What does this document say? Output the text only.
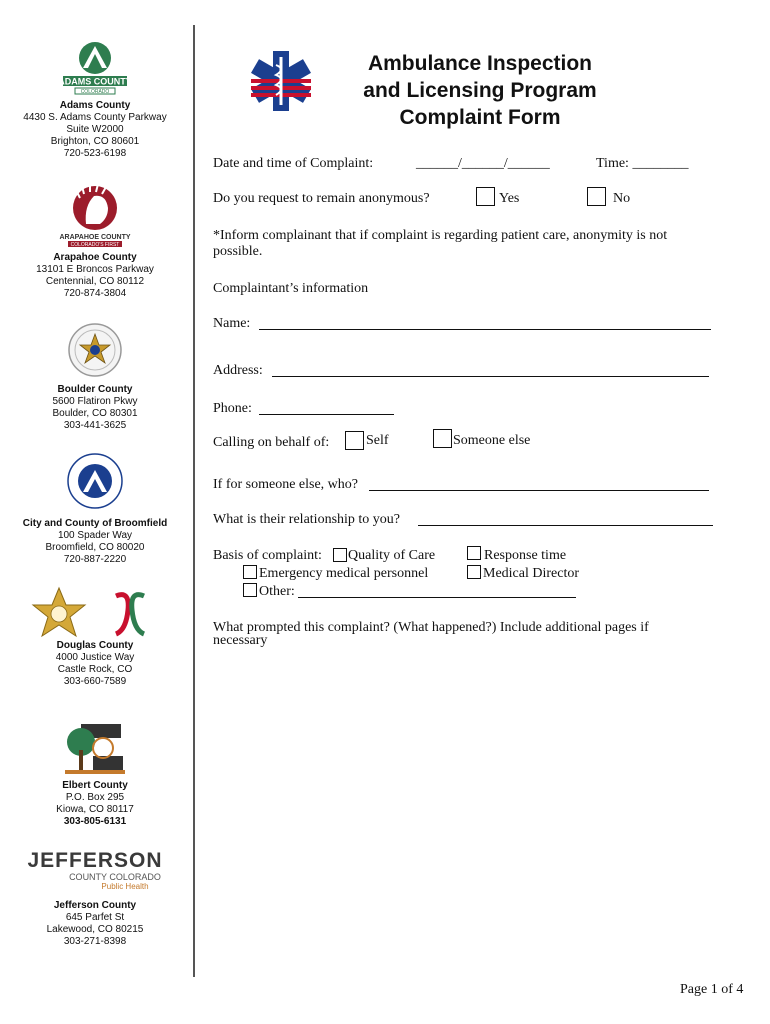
ADAMS COUNTY
COLORADO
Adams County
4430 S. Adams County Parkway
Suite W2000
Brighton, CO 80601
720-523-6198
ARAPAHOE COUNTY
COLORADO'S FIRST
Arapahoe County
13101 E Broncos Parkway
Centennial, CO 80112
720-874-3804
Boulder County
5600 Flatiron Pkwy
Boulder, CO 80301
303-441-3625
City and County of Broomfield
100 Spader Way
Broomfield, CO 80020
720-887-2220
Douglas County
4000 Justice Way
Castle Rock, CO
303-660-7589
Elbert County
P.O. Box 295
Kiowa, CO 80117
303-805-6131
JEFFERSON
COUNTY COLORADO
Public Health
Jefferson County
645 Parfet St
Lakewood, CO 80215
303-271-8398
Ambulance Inspection
and Licensing Program
Complaint Form
Date and time of Complaint:	______/______/______	Time: ________
Do you request to remain anonymous?	Yes	No
*Inform complainant that if complaint is regarding patient care, anonymity is not
possible.
Complaintant’s information
Name:
Address:
Phone:
Calling on behalf of:	Self	Someone else
If for someone else, who?
What is their relationship to you?
Basis of complaint: Quality of Care	Response time
Emergency medical personnel	Medical Director
Other:
What prompted this complaint? (What happened?) Include additional pages if
necessary
Page 1 of 4
